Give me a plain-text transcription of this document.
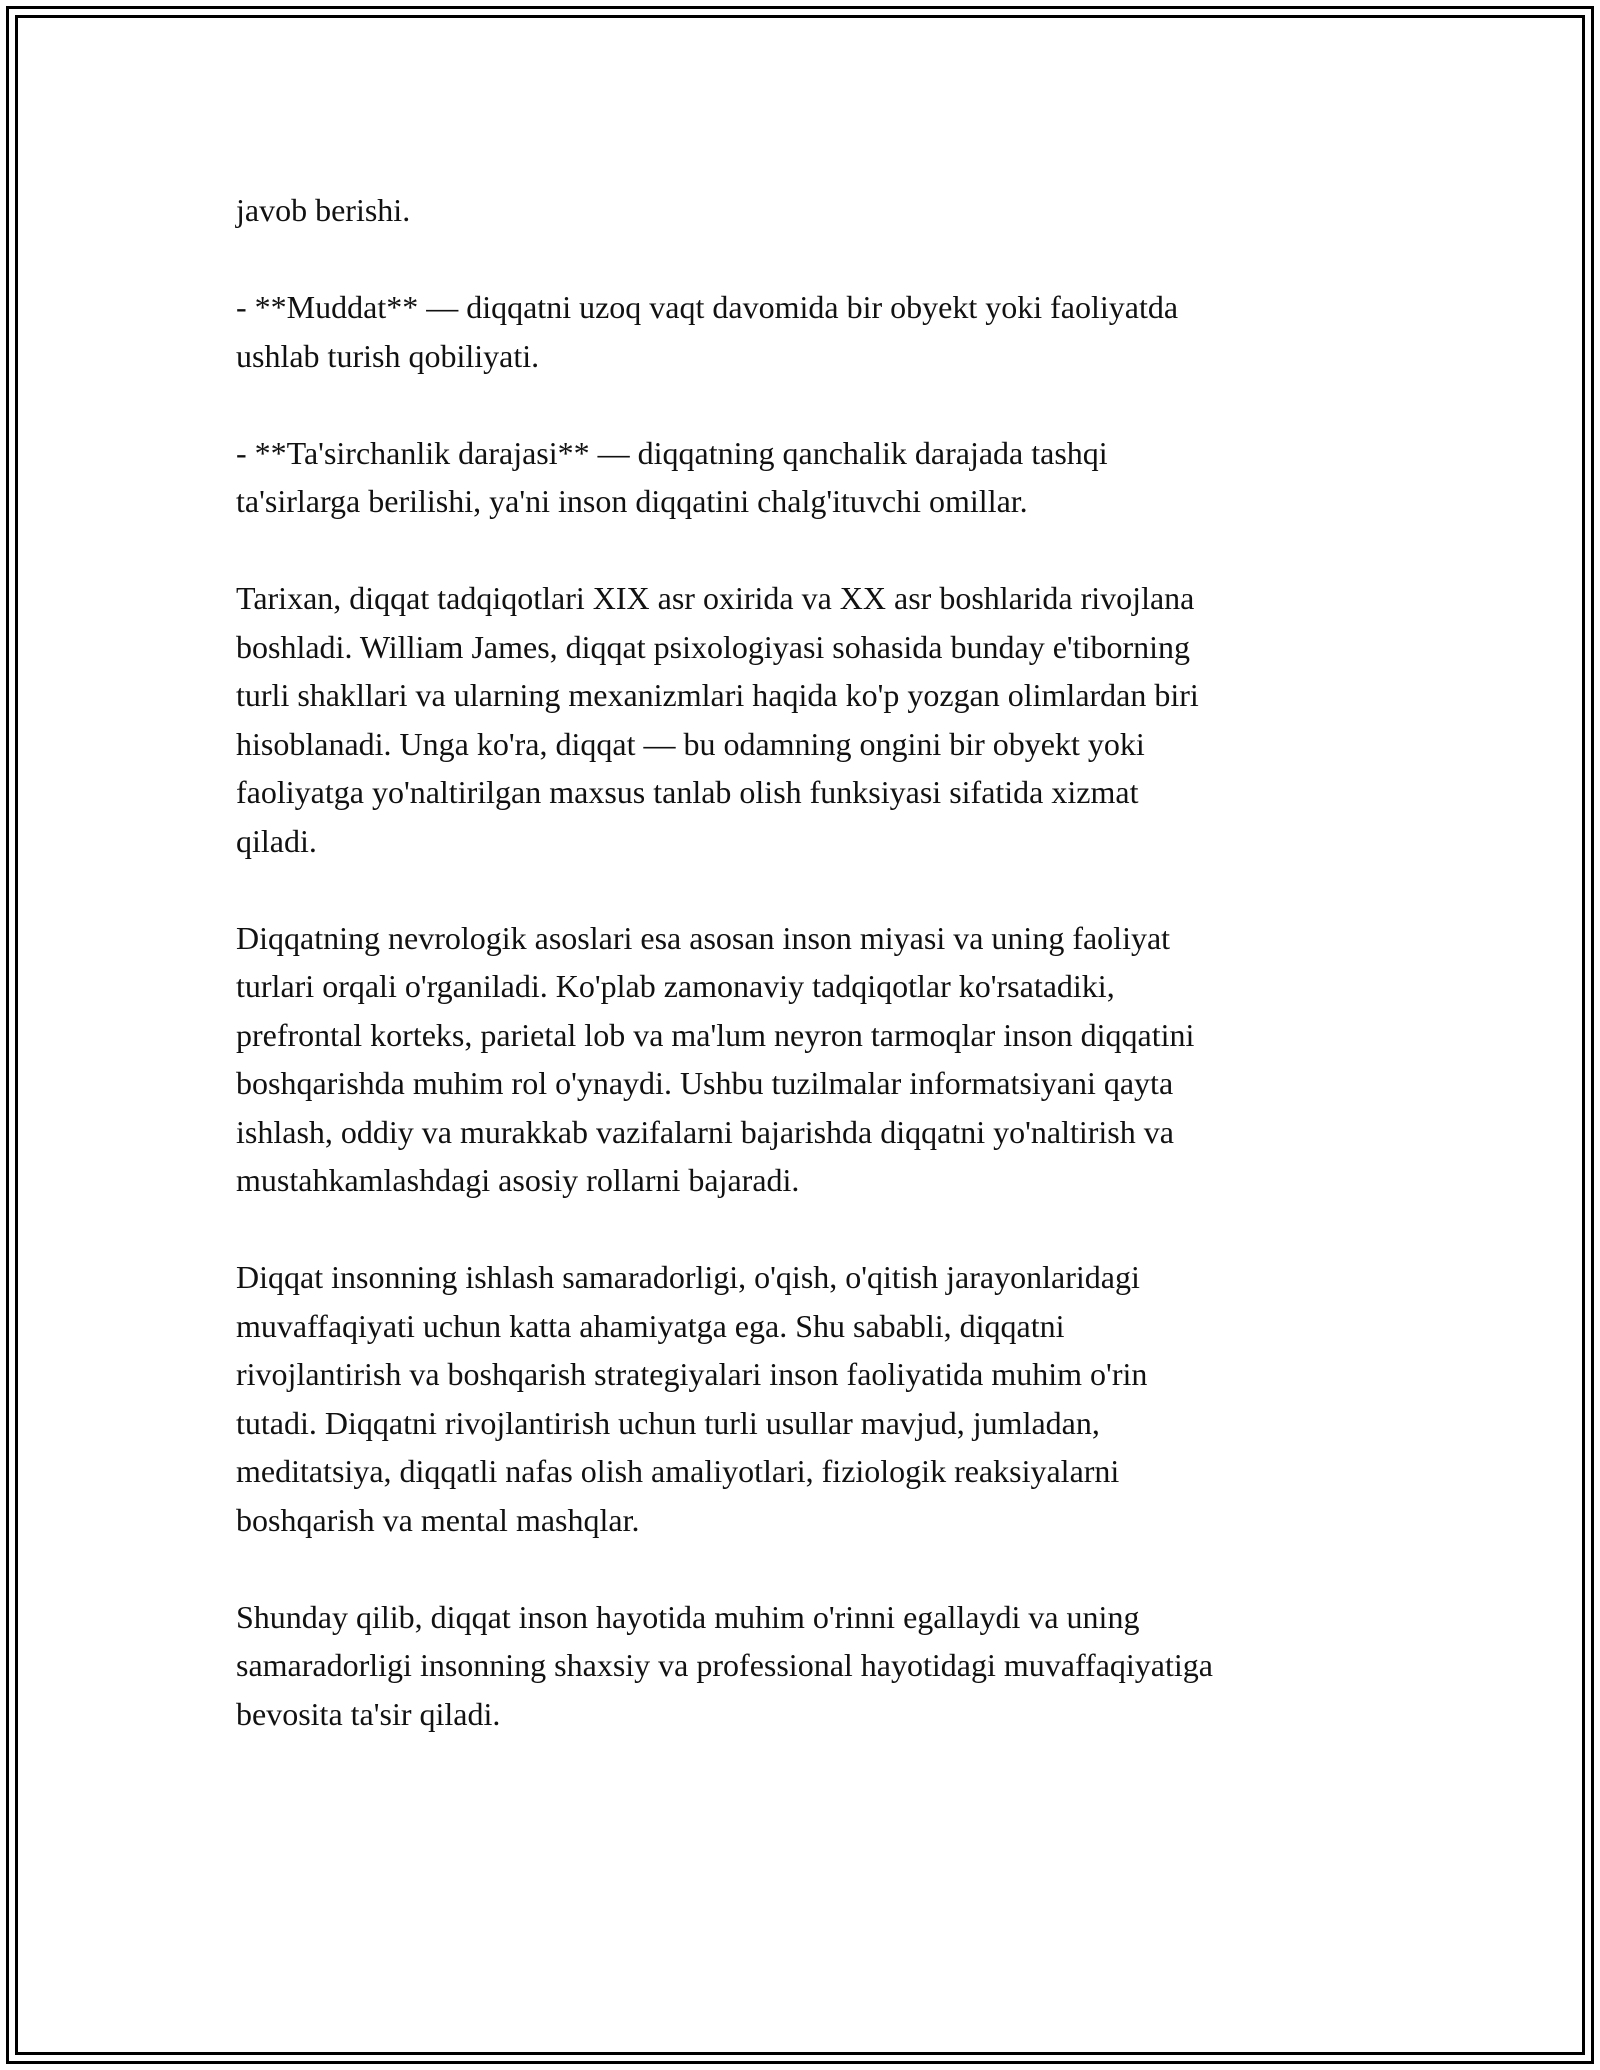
javob berishi.

- **Muddat** — diqqatni uzoq vaqt davomida bir obyekt yoki faoliyatda
ushlab turish qobiliyati.

- **Ta'sirchanlik darajasi** — diqqatning qanchalik darajada tashqi
ta'sirlarga berilishi, ya'ni inson diqqatini chalg'ituvchi omillar.

Tarixan, diqqat tadqiqotlari XIX asr oxirida va XX asr boshlarida rivojlana
boshladi. William James, diqqat psixologiyasi sohasida bunday e'tiborning
turli shakllari va ularning mexanizmlari haqida ko'p yozgan olimlardan biri
hisoblanadi. Unga ko'ra, diqqat — bu odamning ongini bir obyekt yoki
faoliyatga yo'naltirilgan maxsus tanlab olish funksiyasi sifatida xizmat
qiladi.

Diqqatning nevrologik asoslari esa asosan inson miyasi va uning faoliyat
turlari orqali o'rganiladi. Ko'plab zamonaviy tadqiqotlar ko'rsatadiki,
prefrontal korteks, parietal lob va ma'lum neyron tarmoqlar inson diqqatini
boshqarishda muhim rol o'ynaydi. Ushbu tuzilmalar informatsiyani qayta
ishlash, oddiy va murakkab vazifalarni bajarishda diqqatni yo'naltirish va
mustahkamlashdagi asosiy rollarni bajaradi.

Diqqat insonning ishlash samaradorligi, o'qish, o'qitish jarayonlaridagi
muvaffaqiyati uchun katta ahamiyatga ega. Shu sababli, diqqatni
rivojlantirish va boshqarish strategiyalari inson faoliyatida muhim o'rin
tutadi. Diqqatni rivojlantirish uchun turli usullar mavjud, jumladan,
meditatsiya, diqqatli nafas olish amaliyotlari, fiziologik reaksiyalarni
boshqarish va mental mashqlar.

Shunday qilib, diqqat inson hayotida muhim o'rinni egallaydi va uning
samaradorligi insonning shaxsiy va professional hayotidagi muvaffaqiyatiga
bevosita ta'sir qiladi.
